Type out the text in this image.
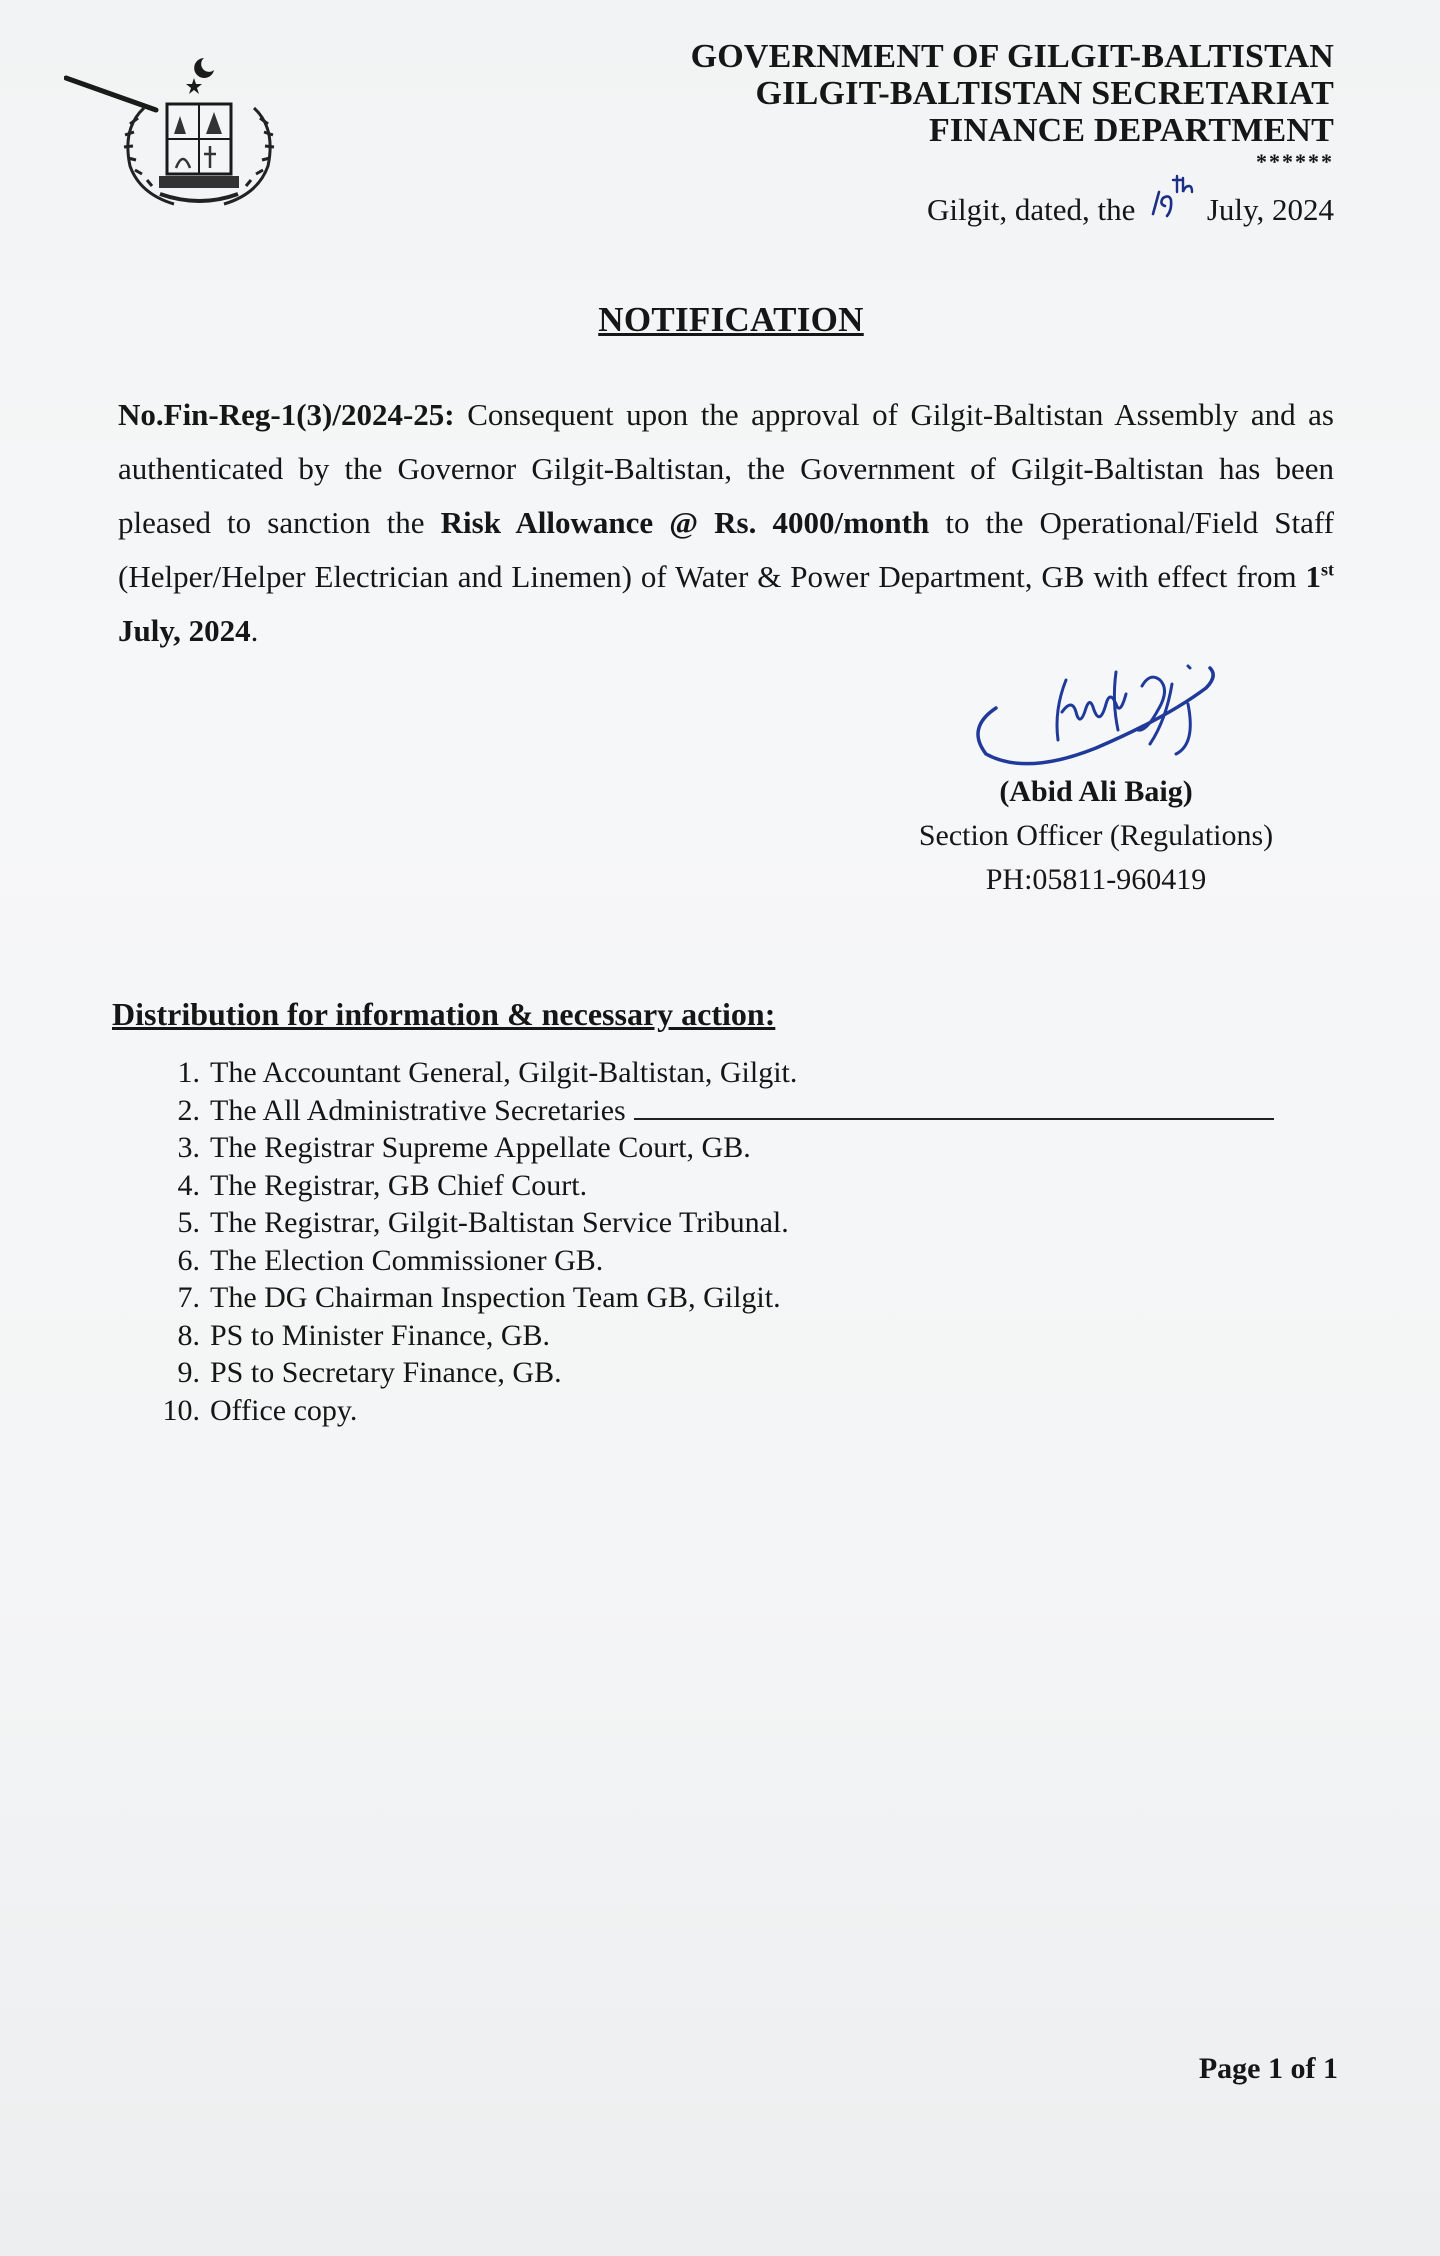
GOVERNMENT OF GILGIT-BALTISTAN
GILGIT-BALTISTAN SECRETARIAT
FINANCE DEPARTMENT
******
Gilgit, dated, the July, 2024
NOTIFICATION
No.Fin-Reg-1(3)/2024-25: Consequent upon the approval of Gilgit-Baltistan Assembly and as authenticated by the Governor Gilgit-Baltistan, the Government of Gilgit-Baltistan has been pleased to sanction the Risk Allowance @ Rs. 4000/month to the Operational/Field Staff (Helper/Helper Electrician and Linemen) of Water & Power Department, GB with effect from 1st July, 2024.
(Abid Ali Baig)
Section Officer (Regulations)
PH:05811-960419
Distribution for information & necessary action:
1. The Accountant General, Gilgit-Baltistan, Gilgit.
2. The All Administrative Secretaries
3. The Registrar Supreme Appellate Court, GB.
4. The Registrar, GB Chief Court.
5. The Registrar, Gilgit-Baltistan Service Tribunal.
6. The Election Commissioner GB.
7. The DG Chairman Inspection Team GB, Gilgit.
8. PS to Minister Finance, GB.
9. PS to Secretary Finance, GB.
10. Office copy.
Page 1 of 1
